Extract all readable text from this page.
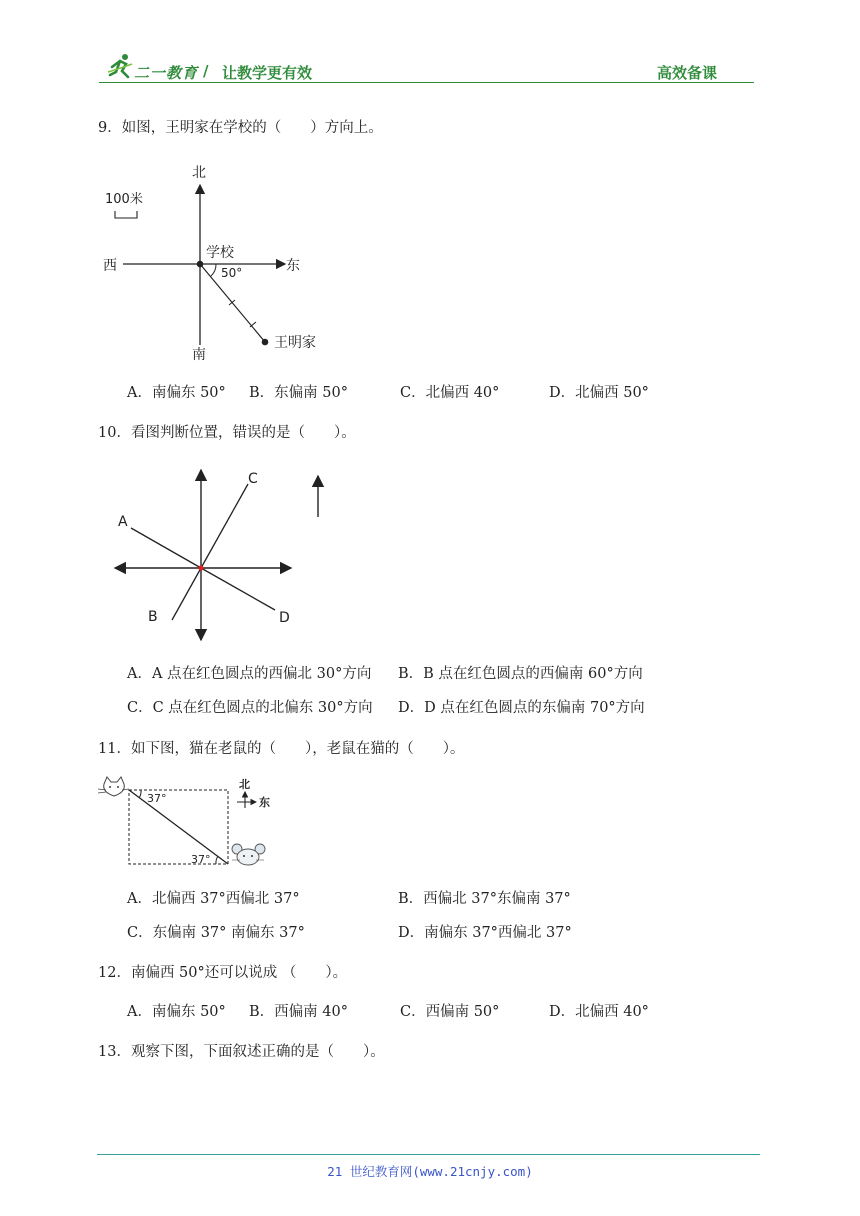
二一教育 / 让教学更有效	高效备课
9．如图，王明家在学校的（　　）方向上。
北
南
东
西
100米
学校
50°
王明家
A．南偏东 50° B．东偏南 50°	C．北偏西 40°	D．北偏西 50°
10．看图判断位置，错误的是（　　）。
A
B
C
D
A．A 点在红色圆点的西偏北 30°方向 B．B 点在红色圆点的西偏南 60°方向
C．C 点在红色圆点的北偏东 30°方向 D．D 点在红色圆点的东偏南 70°方向
11．如下图，猫在老鼠的（　　），老鼠在猫的（　　）。
37°
37°
北
东
A．北偏西 37°西偏北 37°	B．西偏北 37°东偏南 37°
C．东偏南 37° 南偏东 37°	D．南偏东 37°西偏北 37°
12．南偏西 50°还可以说成 （　　）。
A．南偏东 50° B．西偏南 40°	C．西偏南 50°	D．北偏西 40°
13．观察下图，下面叙述正确的是（　　）。
21 世纪教育网(www.21cnjy.com)
